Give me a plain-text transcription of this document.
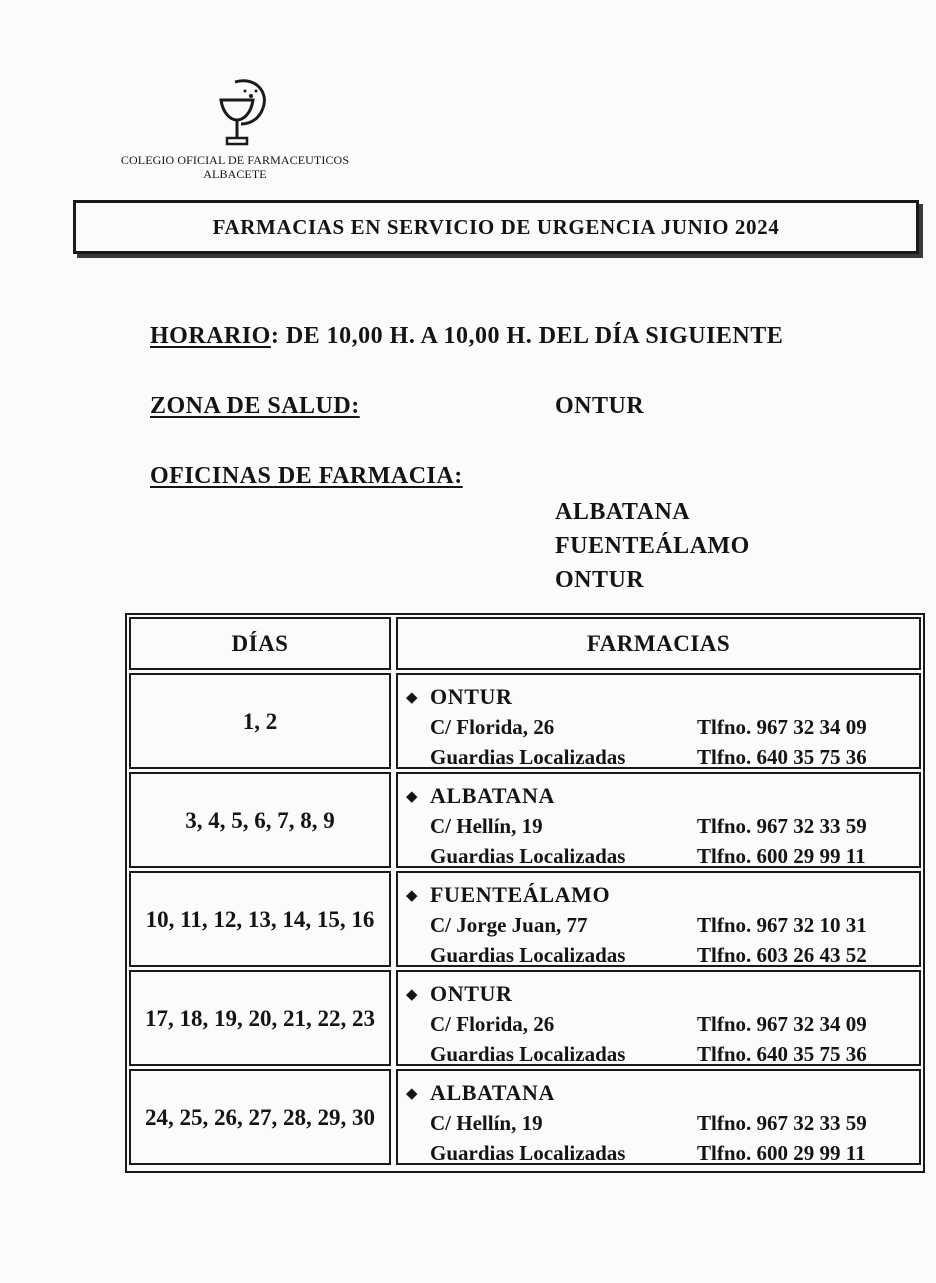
COLEGIO OFICIAL DE FARMACEUTICOS
ALBACETE
FARMACIAS EN SERVICIO DE URGENCIA JUNIO 2024
HORARIO: DE 10,00 H. A 10,00 H. DEL DÍA SIGUIENTE
ZONA DE SALUD:	ONTUR
OFICINAS DE FARMACIA:
ALBATANA
FUENTEÁLAMO
ONTUR
DÍAS	FARMACIAS
1, 2
◆ ONTUR
C/ Florida, 26	Tlfno. 967 32 34 09
Guardias Localizadas	Tlfno. 640 35 75 36
3, 4, 5, 6, 7, 8, 9
◆ ALBATANA
C/ Hellín, 19	Tlfno. 967 32 33 59
Guardias Localizadas	Tlfno. 600 29 99 11
10, 11, 12, 13, 14, 15, 16
◆ FUENTEÁLAMO
C/ Jorge Juan, 77	Tlfno. 967 32 10 31
Guardias Localizadas	Tlfno. 603 26 43 52
17, 18, 19, 20, 21, 22, 23
◆ ONTUR
C/ Florida, 26	Tlfno. 967 32 34 09
Guardias Localizadas	Tlfno. 640 35 75 36
24, 25, 26, 27, 28, 29, 30
◆ ALBATANA
C/ Hellín, 19	Tlfno. 967 32 33 59
Guardias Localizadas	Tlfno. 600 29 99 11
